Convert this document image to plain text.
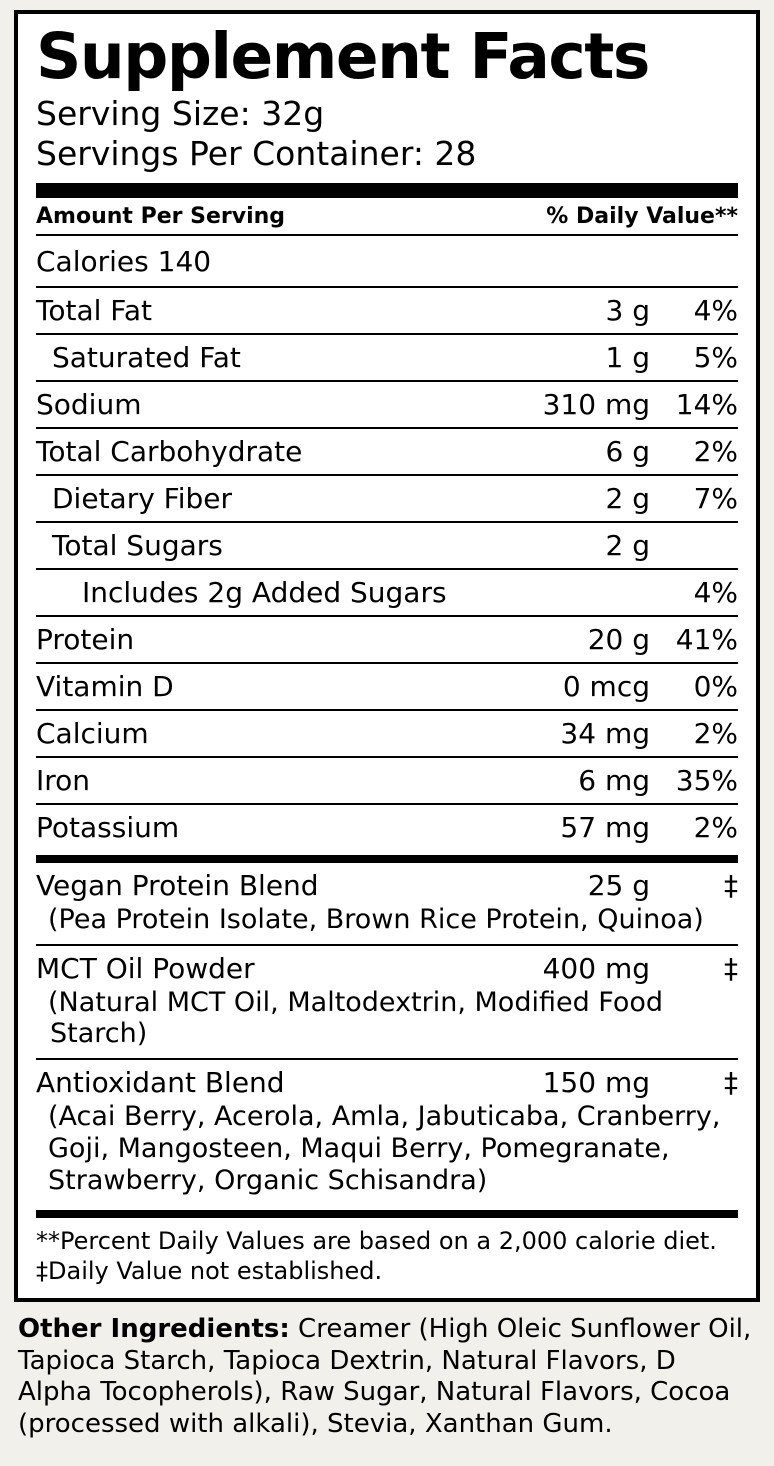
Supplement Facts
Serving Size: 32g
Servings Per Container: 28
Amount Per Serving	% Daily Value**
Calories 140
Total Fat	3 g	4%
Saturated Fat	1 g	5%
Sodium	310 mg 14%
Total Carbohydrate	6 g	2%
Dietary Fiber	2 g	7%
Total Sugars	2 g
Includes 2g Added Sugars	4%
Protein	20 g 41%
Vitamin D	0 mcg	0%
Calcium	34 mg	2%
Iron	6 mg 35%
Potassium	57 mg	2%
Vegan Protein Blend	25 g	‡
(Pea Protein Isolate, Brown Rice Protein, Quinoa)
MCT Oil Powder	400 mg	‡
(Natural MCT Oil, Maltodextrin, Modified Food Starch)
Antioxidant Blend	150 mg	‡
(Acai Berry, Acerola, Amla, Jabuticaba, Cranberry,
Goji, Mangosteen, Maqui Berry, Pomegranate,
Strawberry, Organic Schisandra)
**Percent Daily Values are based on a 2,000 calorie diet.
‡Daily Value not established.
Other Ingredients: Creamer (High Oleic Sunflower Oil, Tapioca Starch, Tapioca Dextrin, Natural Flavors, D Alpha Tocopherols), Raw Sugar, Natural Flavors, Cocoa (processed with alkali), Stevia, Xanthan Gum.
